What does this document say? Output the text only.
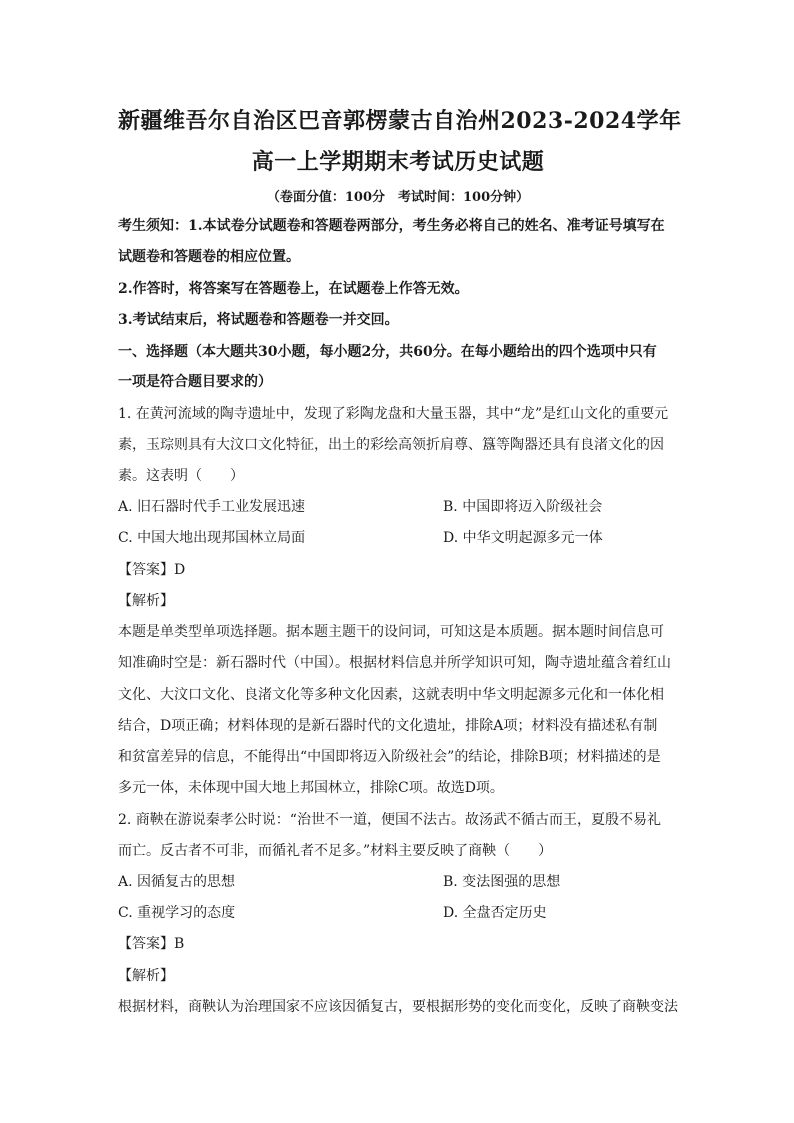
新疆维吾尔自治区巴音郭楞蒙古自治州2023-2024学年
高一上学期期末考试历史试题
（卷面分值：100分　考试时间：100分钟）
考生须知：1.本试卷分试题卷和答题卷两部分，考生务必将自己的姓名、准考证号填写在
试题卷和答题卷的相应位置。
2.作答时，将答案写在答题卷上，在试题卷上作答无效。
3.考试结束后，将试题卷和答题卷一并交回。
一、选择题（本大题共30小题，每小题2分，共60分。在每小题给出的四个选项中只有
一项是符合题目要求的）
1. 在黄河流域的陶寺遗址中，发现了彩陶龙盘和大量玉器，其中“龙”是红山文化的重要元
素，玉琮则具有大汶口文化特征，出土的彩绘高领折肩尊、簋等陶器还具有良渚文化的因
素。这表明（　　）
A. 旧石器时代手工业发展迅速	B. 中国即将迈入阶级社会
C. 中国大地出现邦国林立局面	D. 中华文明起源多元一体
【答案】D
【解析】
本题是单类型单项选择题。据本题主题干的设问词，可知这是本质题。据本题时间信息可
知准确时空是：新石器时代（中国）。根据材料信息并所学知识可知，陶寺遗址蕴含着红山
文化、大汶口文化、良渚文化等多种文化因素，这就表明中华文明起源多元化和一体化相
结合，D项正确；材料体现的是新石器时代的文化遗址，排除A项；材料没有描述私有制
和贫富差异的信息，不能得出“中国即将迈入阶级社会”的结论，排除B项；材料描述的是
多元一体，未体现中国大地上邦国林立，排除C项。故选D项。
2. 商鞅在游说秦孝公时说：“治世不一道，便国不法古。故汤武不循古而王，夏殷不易礼
而亡。反古者不可非，而循礼者不足多。”材料主要反映了商鞅（　　）
A. 因循复古的思想	B. 变法图强的思想
C. 重视学习的态度	D. 全盘否定历史
【答案】B
【解析】
根据材料，商鞅认为治理国家不应该因循复古，要根据形势的变化而变化，反映了商鞅变法
